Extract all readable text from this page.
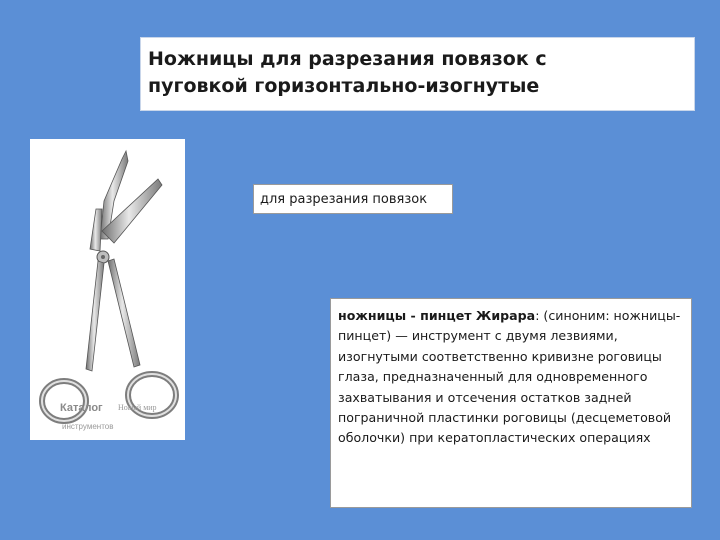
Ножницы для разрезания повязок с
пуговкой горизонтально-изогнутые
Каталог Новый мир
инструментов
для разрезания повязок
ножницы - пинцет Жирара: (синоним: ножницы-пинцет) — инструмент с двумя лезвиями, изогнутыми соответственно кривизне роговицы глаза, предназначенный для одновременного захватывания и отсечения остатков задней пограничной пластинки роговицы (десцеметовой оболочки) при кератопластических операциях
